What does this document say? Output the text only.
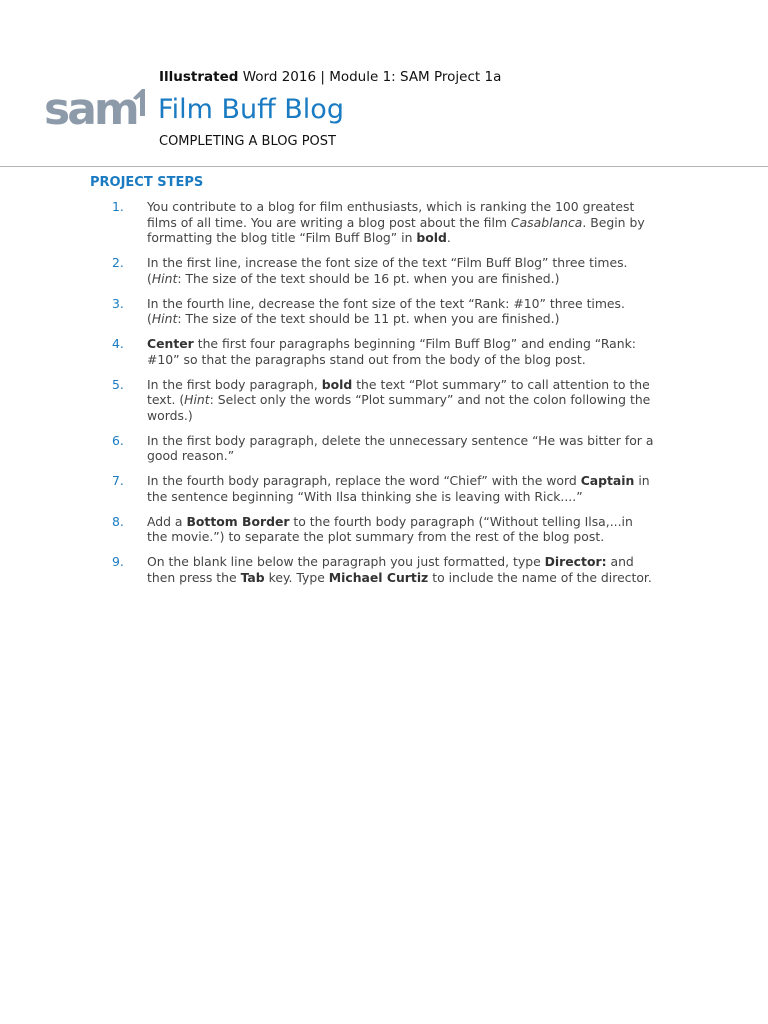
sam
Illustrated Word 2016 | Module 1: SAM Project 1a
Film Buff Blog
COMPLETING A BLOG POST
PROJECT STEPS
1. You contribute to a blog for film enthusiasts, which is ranking the 100 greatest films of all time. You are writing a blog post about the film Casablanca. Begin by formatting the blog title “Film Buff Blog” in bold.
2. In the first line, increase the font size of the text “Film Buff Blog” three times. (Hint: The size of the text should be 16 pt. when you are finished.)
3. In the fourth line, decrease the font size of the text “Rank: #10” three times. (Hint: The size of the text should be 11 pt. when you are finished.)
4. Center the first four paragraphs beginning “Film Buff Blog” and ending “Rank: #10” so that the paragraphs stand out from the body of the blog post.
5. In the first body paragraph, bold the text “Plot summary” to call attention to the text. (Hint: Select only the words “Plot summary” and not the colon following the words.)
6. In the first body paragraph, delete the unnecessary sentence “He was bitter for a good reason.”
7. In the fourth body paragraph, replace the word “Chief” with the word Captain in the sentence beginning “With Ilsa thinking she is leaving with Rick....”
8. Add a Bottom Border to the fourth body paragraph (“Without telling Ilsa,...in the movie.”) to separate the plot summary from the rest of the blog post.
9. On the blank line below the paragraph you just formatted, type Director: and then press the Tab key. Type Michael Curtiz to include the name of the director.
